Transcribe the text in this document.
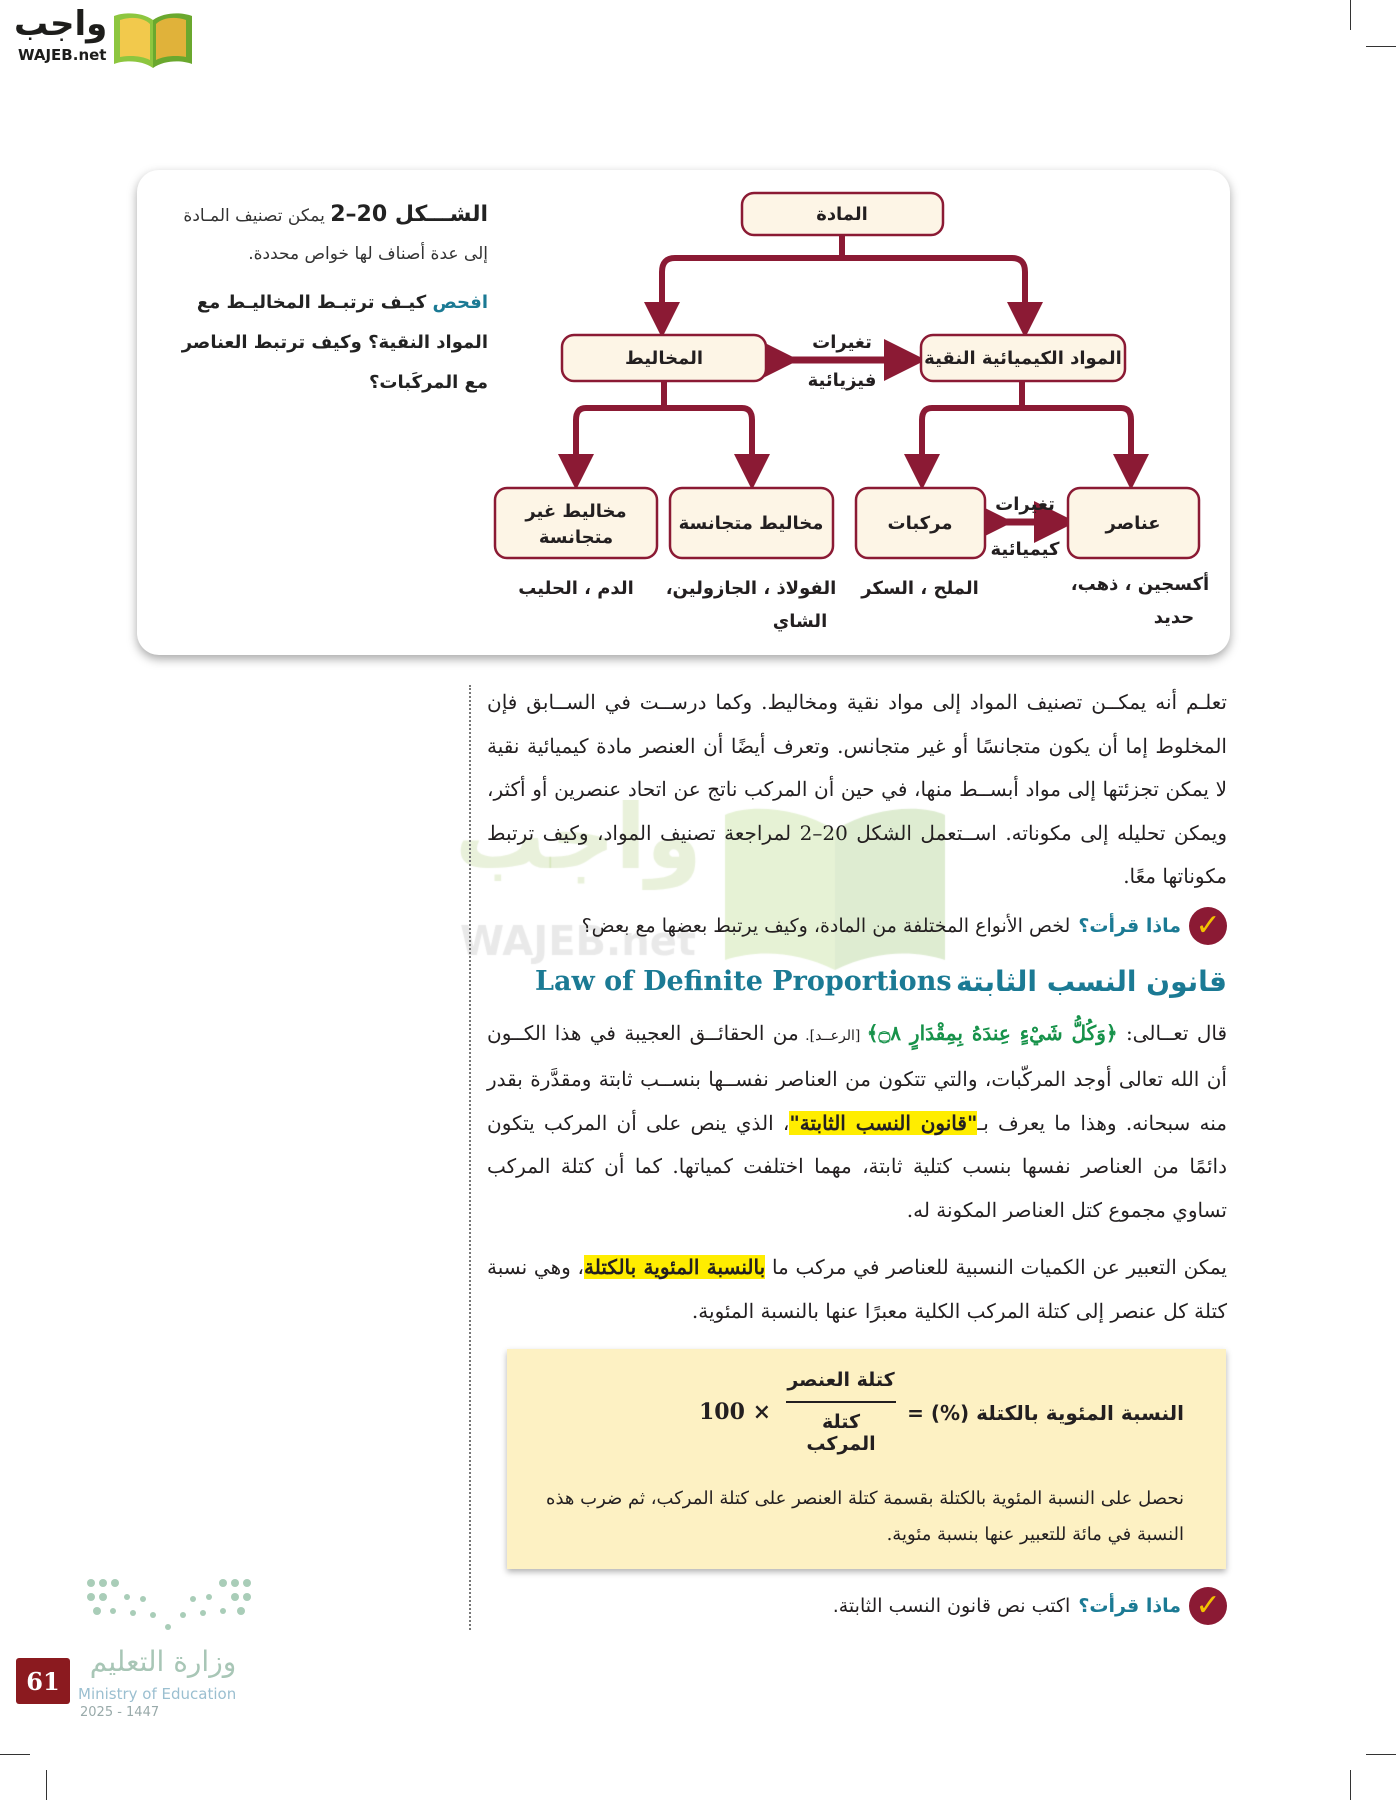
واجب
WAJEB.net
الشـــكل 20–2 يمكن تصنيف المـادة إلى عدة أصناف لها خواص محددة.
افحص كيـف ترتبـط المخاليـط مع المواد النقية؟ وكيف ترتبط العناصر مع المركَبات؟
المادة
المخاليط	المواد الكيميائية النقية
مخاليط غير
متجانسة
مخاليط متجانسة	مركبات	عناصر
تغيرات
فيزيائية
تغيرات
كيميائية
الدم ، الحليب الفولاذ ، الجازولين،
الشاي
الملح ، السكر	أكسجين ، ذهب،
حديد

تعلـم أنه يمكــن تصنيف المواد إلى مواد نقية ومخاليط. وكما درســت في الســابق فإن المخلوط إما أن يكون متجانسًا أو غير متجانس. وتعرف أيضًا أن العنصر مادة كيميائية نقية لا يمكن تجزئتها إلى مواد أبســط منها، في حين أن المركب ناتج عن اتحاد عنصرين أو أكثر، ويمكن تحليله إلى مكوناته. اســتعمل الشكل 20–2 لمراجعة تصنيف المواد، وكيف ترتبط مكوناتها معًا.

✓
ماذا قرأت؟
لخص الأنواع المختلفة من المادة، وكيف يرتبط بعضها مع بعض؟
Law of Definite Proportions قانون النسب الثابتة

قال تعــالى: ﴿وَكُلُّ شَيْءٍ عِندَهُ بِمِقْدَارٍ ۝٨﴾ [الرعــد]. من الحقائــق العجيبة في هذا الكــون أن الله تعالى أوجد المركّبات، والتي تتكون من العناصر نفســها بنســب ثابتة ومقدَّرة بقدر منه سبحانه. وهذا ما يعرف بـ"قانون النسب الثابتة"، الذي ينص على أن المركب يتكون دائمًا من العناصر نفسها بنسب كتلية ثابتة، مهما اختلفت كمياتها. كما أن كتلة المركب تساوي مجموع كتل العناصر المكونة له.

يمكن التعبير عن الكميات النسبية للعناصر في مركب ما بالنسبة المئوية بالكتلة، وهي نسبة كتلة كل عنصر إلى كتلة المركب الكلية معبرًا عنها بالنسبة المئوية.

النسبة المئوية بالكتلة (%) =
كتلة العنصر
كتلة المركب
100 ×
نحصل على النسبة المئوية بالكتلة بقسمة كتلة العنصر على كتلة المركب، ثم ضرب هذه النسبة في مائة للتعبير عنها بنسبة مئوية.
✓
ماذا قرأت؟
اكتب نص قانون النسب الثابتة.
وزارة التعليم
Ministry of Education
2025 - 1447
61
